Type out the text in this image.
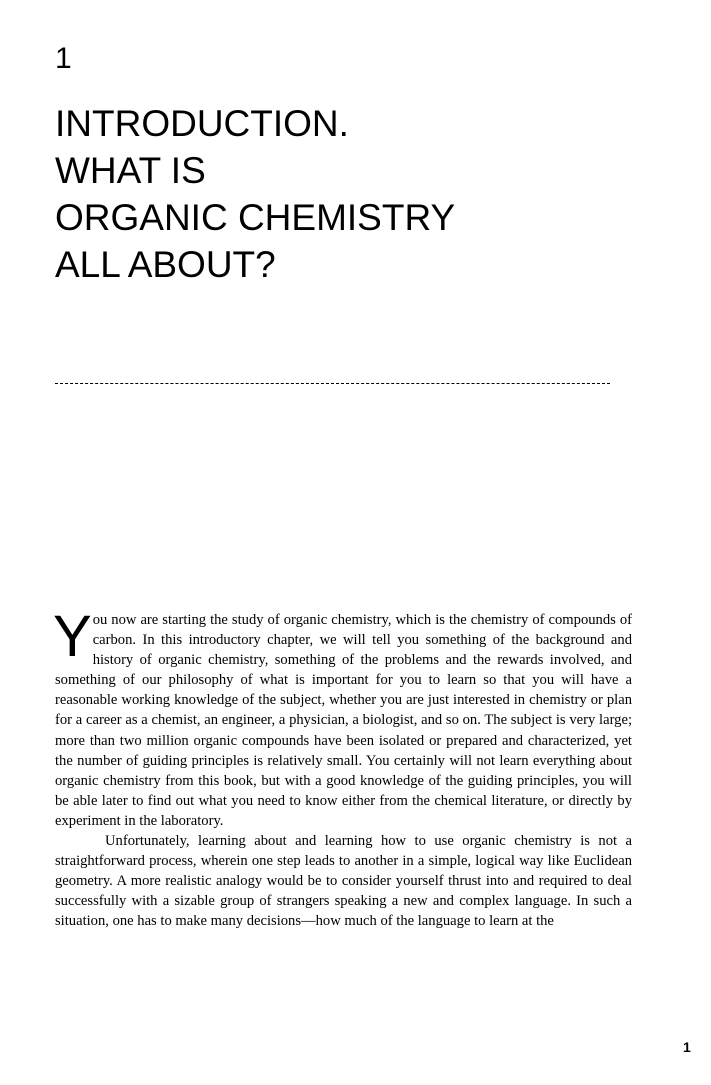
1
INTRODUCTION.
WHAT IS
ORGANIC CHEMISTRY
ALL ABOUT?

You now are starting the study of organic chemistry, which is the chemistry of compounds of carbon. In this introductory chapter, we will tell you something of the background and history of organic chemistry, something of the problems and the rewards involved, and something of our philosophy of what is important for you to learn so that you will have a reasonable working knowledge of the subject, whether you are just interested in chemistry or plan for a career as a chemist, an engineer, a physician, a biologist, and so on. The subject is very large; more than two million organic compounds have been isolated or prepared and characterized, yet the number of guiding principles is relatively small. You certainly will not learn everything about organic chemistry from this book, but with a good knowledge of the guiding principles, you will be able later to find out what you need to know either from the chemical literature, or directly by experiment in the laboratory.

Unfortunately, learning about and learning how to use organic chemistry is not a straightforward process, wherein one step leads to another in a simple, logical way like Euclidean geometry. A more realistic analogy would be to consider yourself thrust into and required to deal successfully with a sizable group of strangers speaking a new and complex language. In such a situation, one has to make many decisions—how much of the language to learn at the

1
